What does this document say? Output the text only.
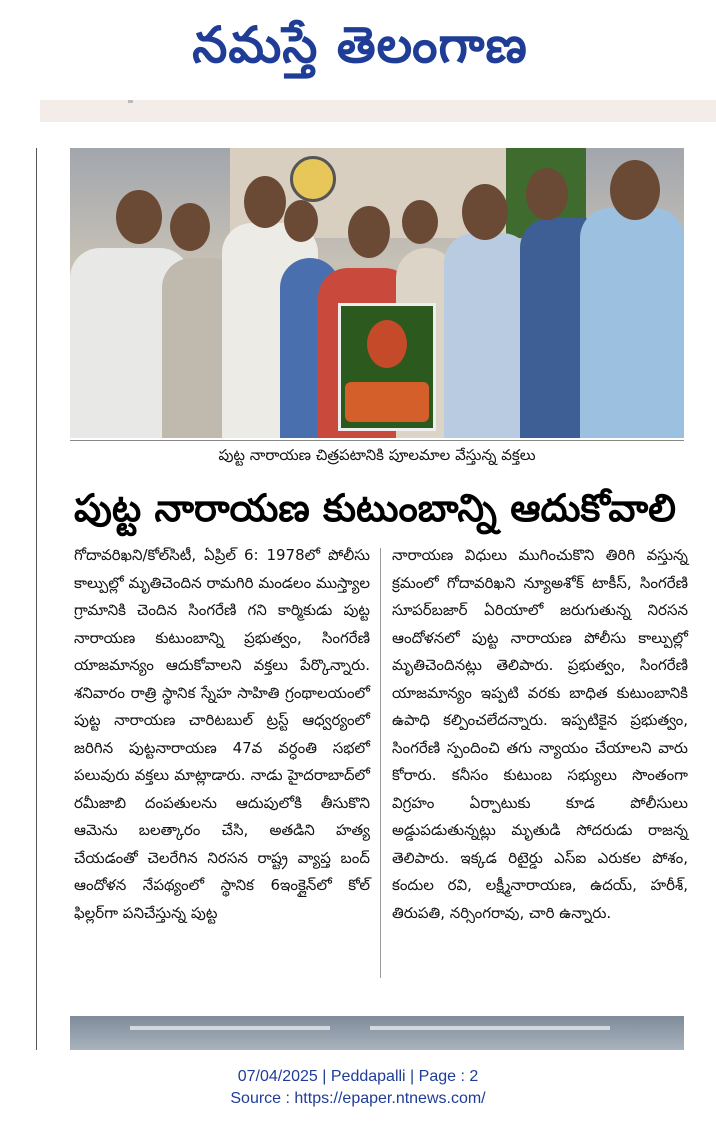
నమస్తే తెలంగాణ
పుట్ట నారాయణ చిత్రపటానికి పూలమాల వేస్తున్న వక్తలు
పుట్ట నారాయణ కుటుంబాన్ని ఆదుకోవాలి
గోదావరిఖని/కోల్‌సిటీ, ఏప్రిల్ 6: 1978లో పోలీసు కాల్పుల్లో మృతిచెందిన రామగిరి మండలం ముస్త్యాల గ్రామానికి చెందిన సింగరేణి గని కార్మికుడు పుట్ట నారాయణ కుటుంబాన్ని ప్రభుత్వం, సింగరేణి యాజమాన్యం ఆదుకోవాలని వక్తలు పేర్కొన్నారు. శనివారం రాత్రి స్థానిక స్నేహ సాహితి గ్రంథాలయంలో పుట్ట నారాయణ చారిటబుల్ ట్రస్ట్ ఆధ్వర్యంలో జరిగిన పుట్టనారాయణ 47వ వర్ధంతి సభలో పలువురు వక్తలు మాట్లాడారు. నాడు హైదరాబాద్‌లో రమీజాబి దంపతులను ఆదుపులోకి తీసుకొని ఆమెను బలత్కారం చేసి, అతడిని హత్య చేయడంతో చెలరేగిన నిరసన రాష్ట్ర వ్యాప్త బంద్ ఆందోళన నేపథ్యంలో స్థానిక 6ఇంక్లైన్‌లో కోల్ ఫిల్లర్‌గా పనిచేస్తున్న పుట్ట
నారాయణ విధులు ముగించుకొని తిరిగి వస్తున్న క్రమంలో గోదావరిఖని న్యూఅశోక్ టాకీస్, సింగరేణి సూపర్‌బజార్ ఏరియాలో జరుగుతున్న నిరసన ఆందోళనలో పుట్ట నారాయణ పోలీసు కాల్పుల్లో మృతిచెందినట్లు తెలిపారు. ప్రభుత్వం, సింగరేణి యాజమాన్యం ఇప్పటి వరకు బాధిత కుటుంబానికి ఉపాధి కల్పించలేదన్నారు. ఇప్పటికైన ప్రభుత్వం, సింగరేణి స్పందించి తగు న్యాయం చేయాలని వారు కోరారు. కనీసం కుటుంబ సభ్యులు సొంతంగా విగ్రహం ఏర్పాటుకు కూడ పోలీసులు అడ్డుపడుతున్నట్లు మృతుడి సోదరుడు రాజన్న తెలిపారు. ఇక్కడ రిటైర్డు ఎస్ఐ ఎరుకల పోశం, కందుల రవి, లక్ష్మీనారాయణ, ఉదయ్, హరీశ్, తిరుపతి, నర్సింగరావు, చారి ఉన్నారు.
07/04/2025 | Peddapalli | Page : 2
Source : https://epaper.ntnews.com/
